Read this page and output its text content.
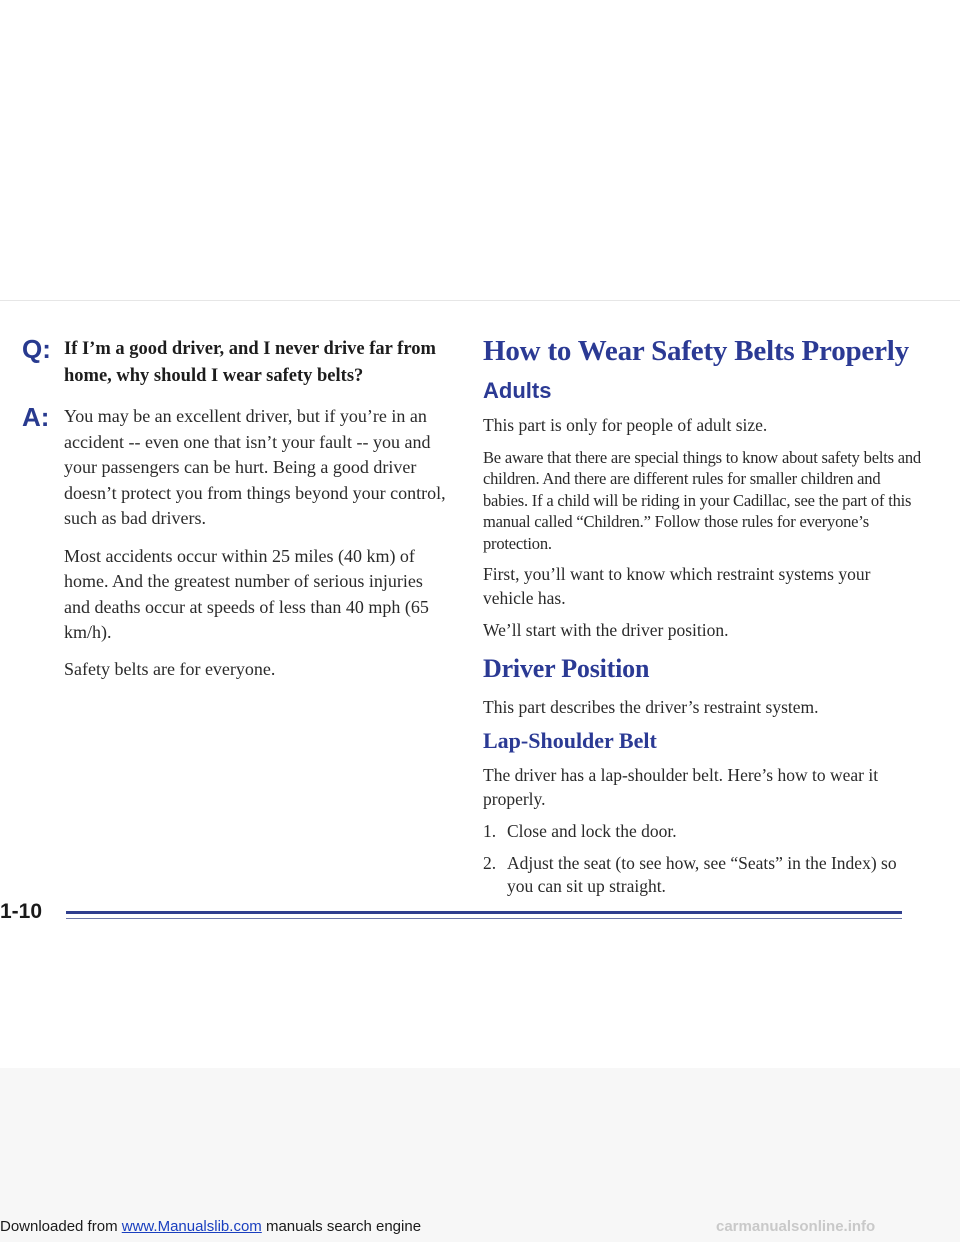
Q: If I’m a good driver, and I never drive far from home, why should I wear safety belts?

A: You may be an excellent driver, but if you’re in an accident -- even one that isn’t your fault -- you and your passengers can be hurt. Being a good driver doesn’t protect you from things beyond your control, such as bad drivers.

Most accidents occur within 25 miles (40 km) of home. And the greatest number of serious injuries and deaths occur at speeds of less than 40 mph (65 km/h).

Safety belts are for everyone.

How to Wear Safety Belts Properly
Adults

This part is only for people of adult size.

Be aware that there are special things to know about safety belts and children. And there are different rules for smaller children and babies. If a child will be riding in your Cadillac, see the part of this manual called “Children.” Follow those rules for everyone’s protection.

First, you’ll want to know which restraint systems your vehicle has.

We’ll start with the driver position.

Driver Position

This part describes the driver’s restraint system.

Lap-Shoulder Belt

The driver has a lap-shoulder belt. Here’s how to wear it properly.

1. Close and lock the door.
2. Adjust the seat (to see how, see “Seats” in the Index) so you can sit up straight.
1-10
Downloaded from www.Manualslib.com manuals search engine	carmanualsonline.info
